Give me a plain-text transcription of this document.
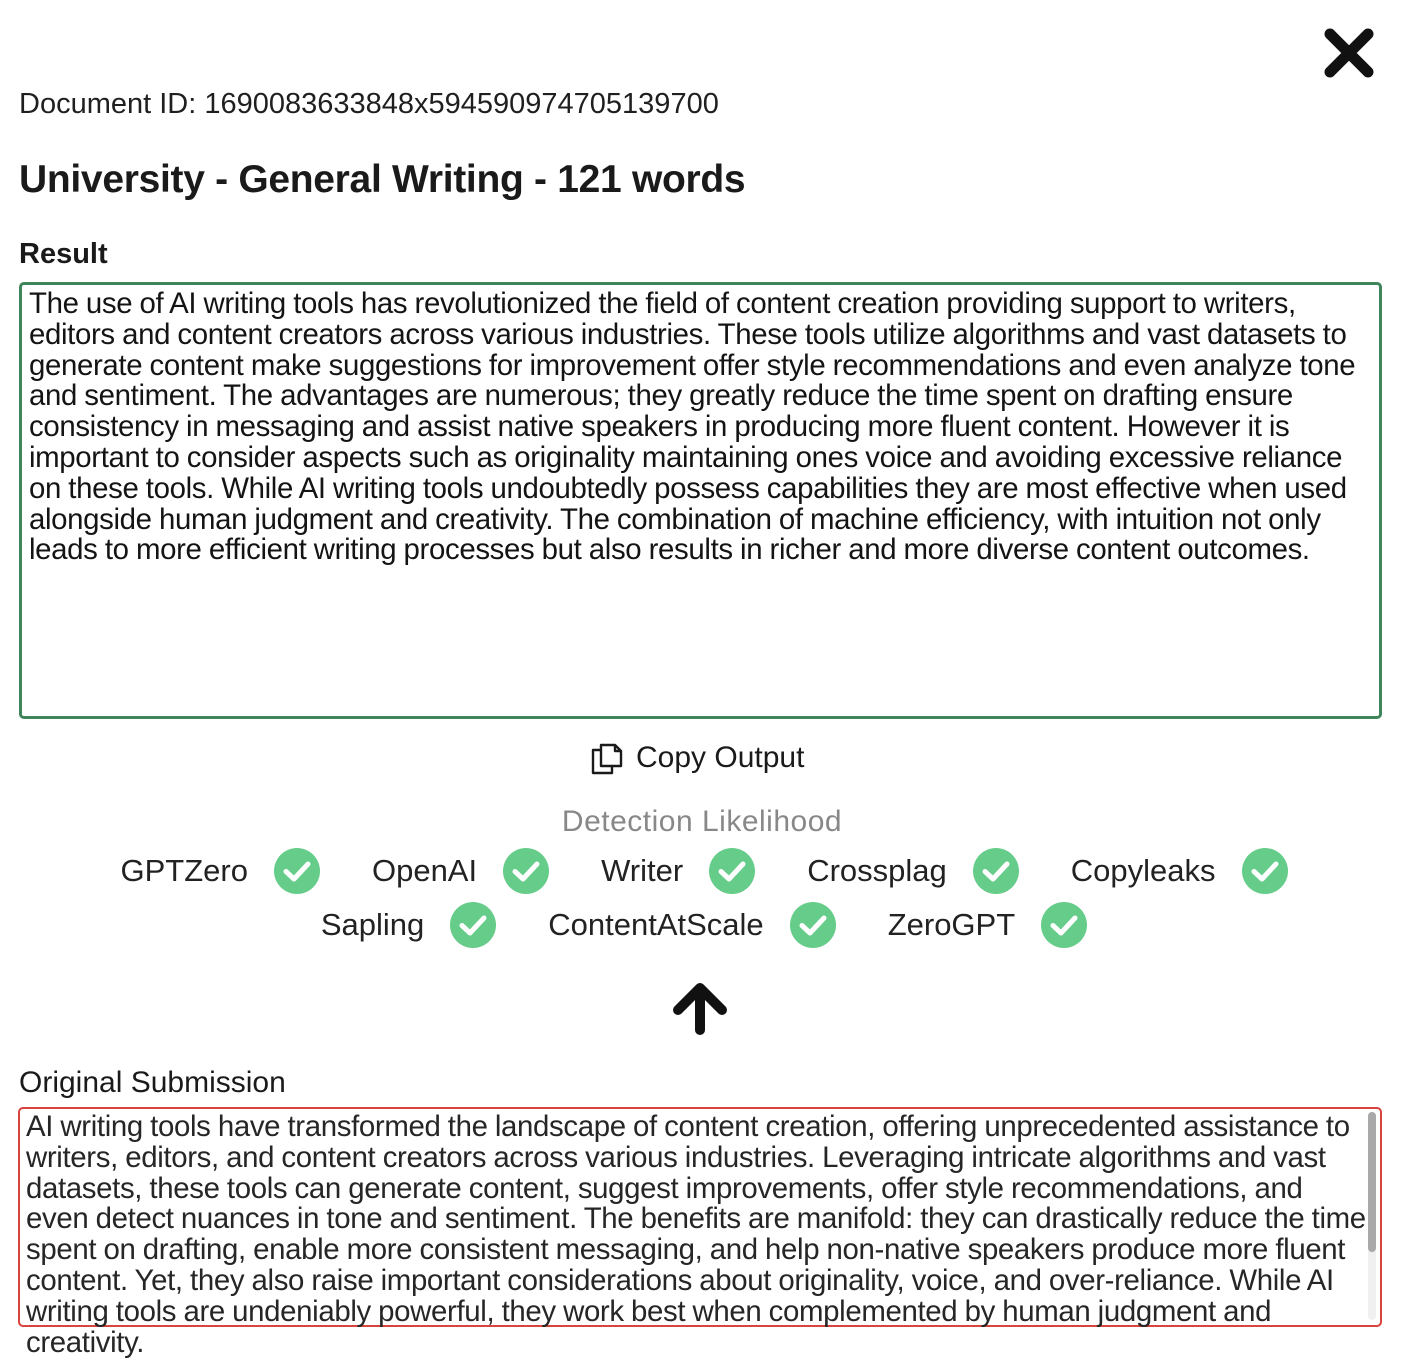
Document ID: 1690083633848x594590974705139700
University - General Writing - 121 words
Result
The use of AI writing tools has revolutionized the field of content creation providing support to writers, editors and content creators across various industries. These tools utilize algorithms and vast datasets to generate content make suggestions for improvement offer style recommendations and even analyze tone and sentiment. The advantages are numerous; they greatly reduce the time spent on drafting ensure consistency in messaging and assist native speakers in producing more fluent content. However it is important to consider aspects such as originality maintaining ones voice and avoiding excessive reliance on these tools. While AI writing tools undoubtedly possess capabilities they are most effective when used alongside human judgment and creativity. The combination of machine efficiency, with intuition not only leads to more efficient writing processes but also results in richer and more diverse content outcomes.
Copy Output
Detection Likelihood
GPTZero	OpenAI	Writer	Crossplag	Copyleaks
Sapling	ContentAtScale	ZeroGPT
Original Submission
AI writing tools have transformed the landscape of content creation, offering unprecedented assistance to writers, editors, and content creators across various industries. Leveraging intricate algorithms and vast datasets, these tools can generate content, suggest improvements, offer style recommendations, and even detect nuances in tone and sentiment. The benefits are manifold: they can drastically reduce the time spent on drafting, enable more consistent messaging, and help non-native speakers produce more fluent content. Yet, they also raise important considerations about originality, voice, and over-reliance. While AI writing tools are undeniably powerful, they work best when complemented by human judgment and creativity.
